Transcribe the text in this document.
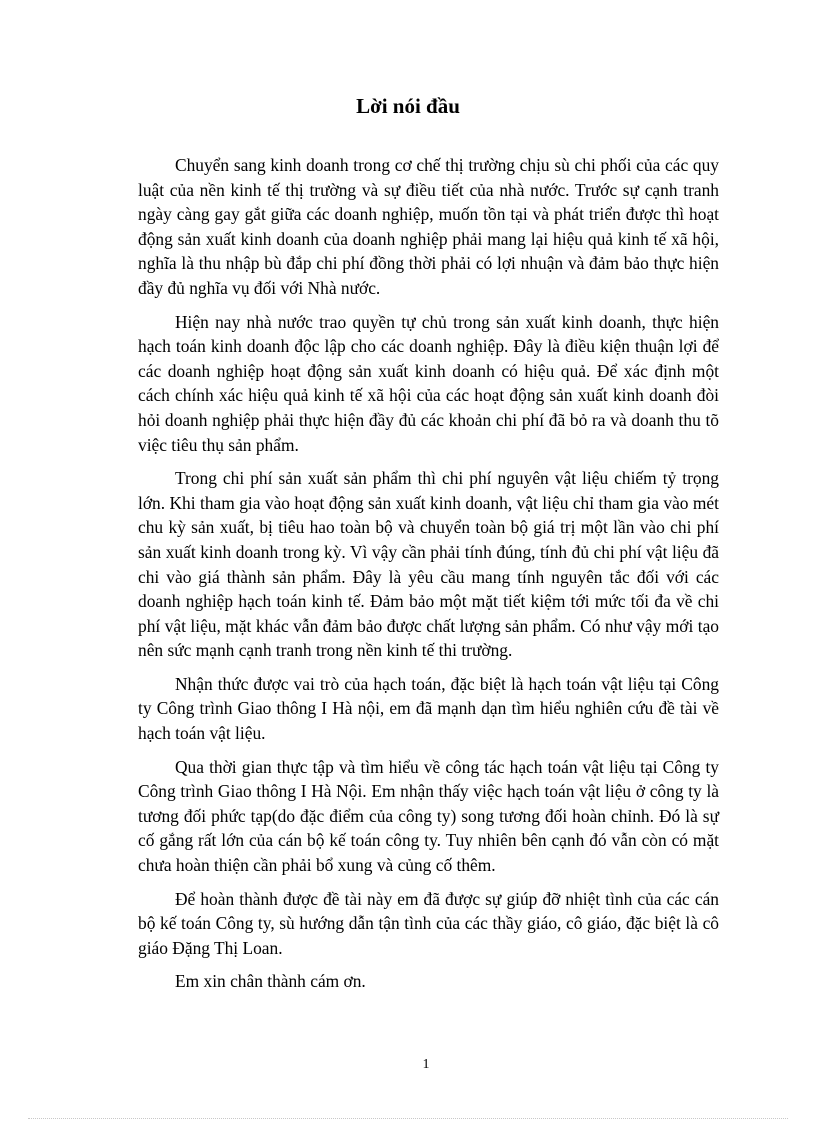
Lời nói đầu

Chuyển sang kinh doanh trong cơ chế thị trường chịu sù chi phối của các quy luật của nền kinh tế thị trường và sự điều tiết của nhà nước. Trước sự cạnh tranh ngày càng gay gắt giữa các doanh nghiệp, muốn tồn tại và phát triển được thì hoạt động sản xuất kinh doanh của doanh nghiệp phải mang lại hiệu quả kinh tế xã hội, nghĩa là thu nhập bù đắp chi phí đồng thời phải có lợi nhuận và đảm bảo thực hiện đầy đủ nghĩa vụ đối với Nhà nước.

Hiện nay nhà nước trao quyền tự chủ trong sản xuất kinh doanh, thực hiện hạch toán kinh doanh độc lập cho các doanh nghiệp. Đây là điều kiện thuận lợi để các doanh nghiệp hoạt động sản xuất kinh doanh có hiệu quả. Để xác định một cách chính xác hiệu quả kinh tế xã hội của các hoạt động sản xuất kinh doanh đòi hỏi doanh nghiệp phải thực hiện đầy đủ các khoản chi phí đã bỏ ra và doanh thu tõ việc tiêu thụ sản phẩm.

Trong chi phí sản xuất sản phẩm thì chi phí nguyên vật liệu chiếm tỷ trọng lớn. Khi tham gia vào hoạt động sản xuất kinh doanh, vật liệu chỉ tham gia vào mét chu kỳ sản xuất, bị tiêu hao toàn bộ và chuyển toàn bộ giá trị một lần vào chi phí sản xuất kinh doanh trong kỳ. Vì vậy cần phải tính đúng, tính đủ chi phí vật liệu đã chi vào giá thành sản phẩm. Đây là yêu cầu mang tính nguyên tắc đối với các doanh nghiệp hạch toán kinh tế. Đảm bảo một mặt tiết kiệm tới mức tối đa về chi phí vật liệu, mặt khác vẫn đảm bảo được chất lượng sản phẩm. Có như vậy mới tạo nên sức mạnh cạnh tranh trong nền kinh tế thi trường.

Nhận thức được vai trò của hạch toán, đặc biệt là hạch toán vật liệu tại Công ty Công trình Giao thông I Hà nội, em đã mạnh dạn tìm hiểu nghiên cứu đề tài về hạch toán vật liệu.

Qua thời gian thực tập và tìm hiểu về công tác hạch toán vật liệu tại Công ty Công trình Giao thông I Hà Nội. Em nhận thấy việc hạch toán vật liệu ở công ty là tương đối phức tạp(do đặc điểm của công ty) song tương đối hoàn chỉnh. Đó là sự cố gắng rất lớn của cán bộ kế toán công ty. Tuy nhiên bên cạnh đó vẫn còn có mặt chưa hoàn thiện cần phải bổ xung và củng cố thêm.

Để hoàn thành được đề tài này em đã được sự giúp đỡ nhiệt tình của các cán bộ kế toán Công ty, sù hướng dẫn tận tình của các thầy giáo, cô giáo, đặc biệt là cô giáo Đặng Thị Loan.

Em xin chân thành cám ơn.

1
